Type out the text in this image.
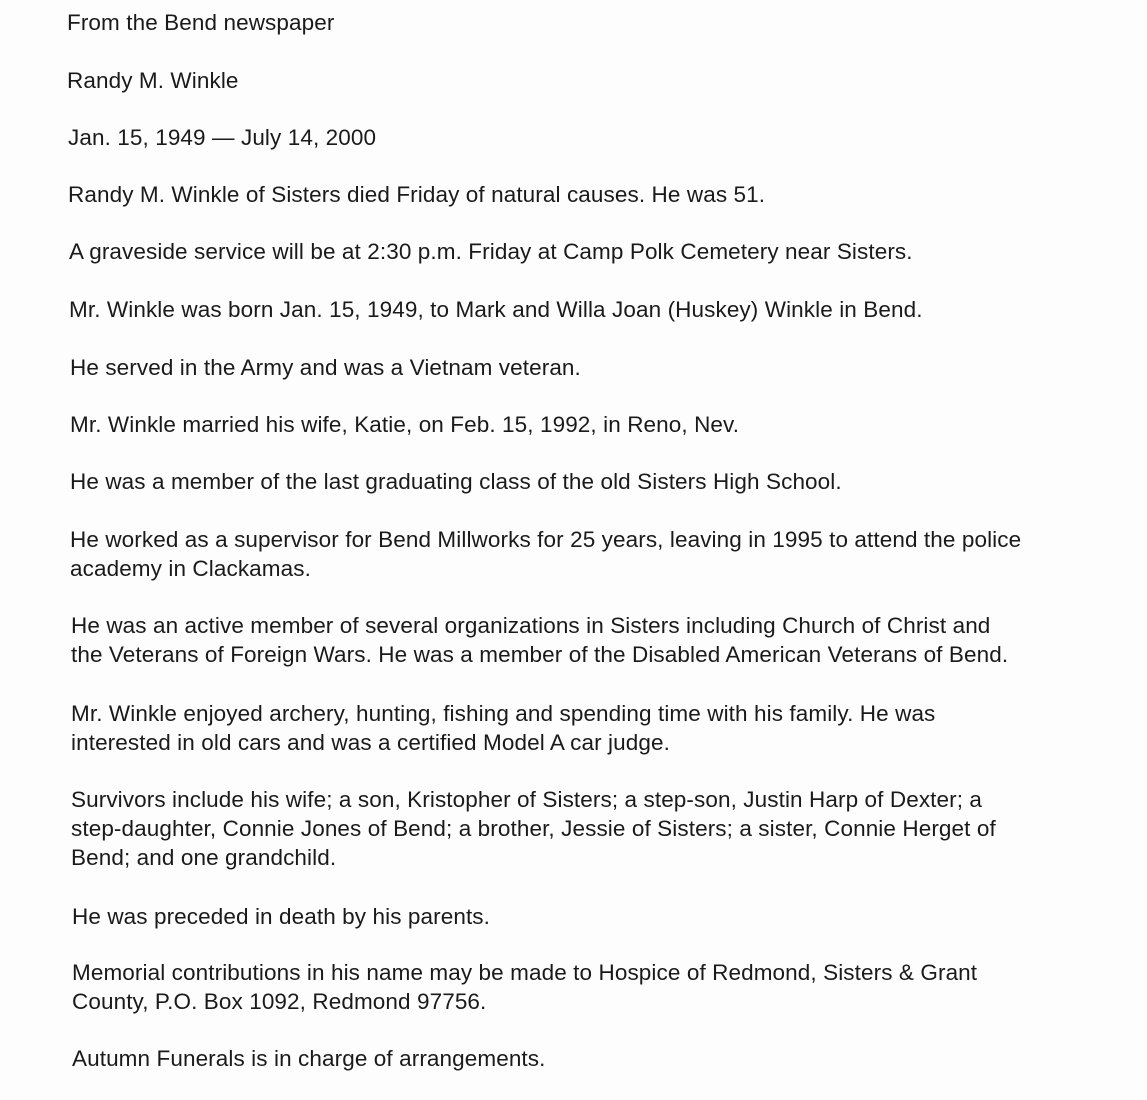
From the Bend newspaper
Randy M. Winkle
Jan. 15, 1949 — July 14, 2000
Randy M. Winkle of Sisters died Friday of natural causes. He was 51.
A graveside service will be at 2:30 p.m. Friday at Camp Polk Cemetery near Sisters.
Mr. Winkle was born Jan. 15, 1949, to Mark and Willa Joan (Huskey) Winkle in Bend.
He served in the Army and was a Vietnam veteran.
Mr. Winkle married his wife, Katie, on Feb. 15, 1992, in Reno, Nev.
He was a member of the last graduating class of the old Sisters High School.
He worked as a supervisor for Bend Millworks for 25 years, leaving in 1995 to attend the police
academy in Clackamas.
He was an active member of several organizations in Sisters including Church of Christ and
the Veterans of Foreign Wars. He was a member of the Disabled American Veterans of Bend.
Mr. Winkle enjoyed archery, hunting, fishing and spending time with his family. He was
interested in old cars and was a certified Model A car judge.
Survivors include his wife; a son, Kristopher of Sisters; a step-son, Justin Harp of Dexter; a
step-daughter, Connie Jones of Bend; a brother, Jessie of Sisters; a sister, Connie Herget of
Bend; and one grandchild.
He was preceded in death by his parents.
Memorial contributions in his name may be made to Hospice of Redmond, Sisters & Grant
County, P.O. Box 1092, Redmond 97756.
Autumn Funerals is in charge of arrangements.
